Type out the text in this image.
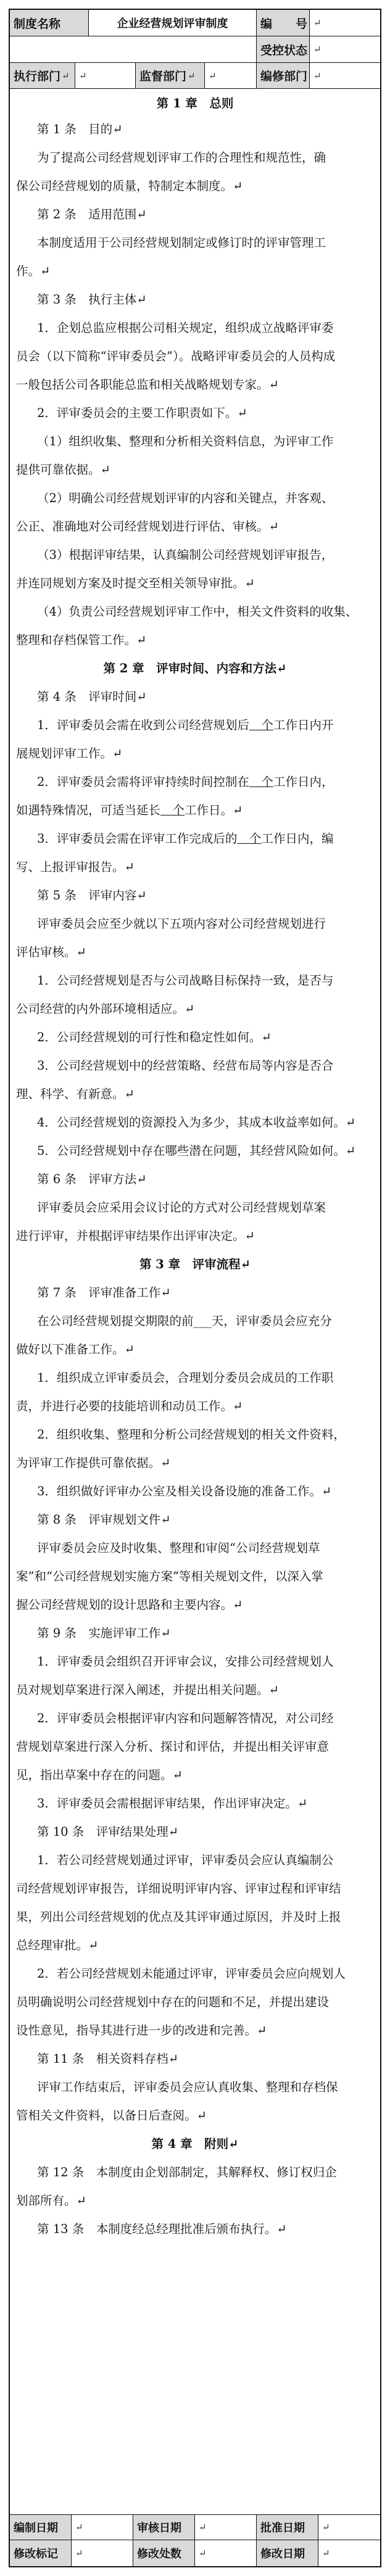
制度名称	企业经营规划评审制度	编　　号 ↵
受控状态 ↵
执行部门 ↵ ↵	监督部门 ↵ ↵	编修部门 ↵
第 1 章　总则
第 1 条　目的↵
为了提高公司经营规划评审工作的合理性和规范性，确
保公司经营规划的质量，特制定本制度。↵
第 2 条　适用范围↵
本制度适用于公司经营规划制定或修订时的评审管理工
作。↵
第 3 条　执行主体↵
1．企划总监应根据公司相关规定，组织成立战略评审委
员会（以下简称“评审委员会”）。战略评审委员会的人员构成
一般包括公司各职能总监和相关战略规划专家。↵
2．评审委员会的主要工作职责如下。↵
（1）组织收集、整理和分析相关资料信息，为评审工作
提供可靠依据。↵
（2）明确公司经营规划评审的内容和关键点，并客观、
公正、准确地对公司经营规划进行评估、审核。↵
（3）根据评审结果，认真编制公司经营规划评审报告，
并连同规划方案及时提交至相关领导审批。↵
（4）负责公司经营规划评审工作中，相关文件资料的收集、
整理和存档保管工作。↵
第 2 章　评审时间、内容和方法↵
第 4 条　评审时间↵
1．评审委员会需在收到公司经营规划后　个工作日内开
展规划评审工作。↵
2．评审委员会需将评审持续时间控制在　个工作日内，
如遇特殊情况，可适当延长　个工作日。↵
3．评审委员会需在评审工作完成后的　个工作日内，编
写、上报评审报告。↵
第 5 条　评审内容↵
评审委员会应至少就以下五项内容对公司经营规划进行
评估审核。↵
1．公司经营规划是否与公司战略目标保持一致，是否与
公司经营的内外部环境相适应。↵
2．公司经营规划的可行性和稳定性如何。↵
3．公司经营规划中的经营策略、经营布局等内容是否合
理、科学、有新意。↵
4．公司经营规划的资源投入为多少，其成本收益率如何。↵
5．公司经营规划中存在哪些潜在问题，其经营风险如何。↵
第 6 条　评审方法↵
评审委员会应采用会议讨论的方式对公司经营规划草案
进行评审，并根据评审结果作出评审决定。↵
第 3 章　评审流程↵
第 7 条　评审准备工作↵
在公司经营规划提交期限的前___天，评审委员会应充分
做好以下准备工作。↵
1．组织成立评审委员会，合理划分委员会成员的工作职
责，并进行必要的技能培训和动员工作。↵
2．组织收集、整理和分析公司经营规划的相关文件资料，
为评审工作提供可靠依据。↵
3．组织做好评审办公室及相关设备设施的准备工作。↵
第 8 条　评审规划文件↵
评审委员会应及时收集、整理和审阅“公司经营规划草
案”和“公司经营规划实施方案”等相关规划文件，以深入掌
握公司经营规划的设计思路和主要内容。↵
第 9 条　实施评审工作↵
1．评审委员会组织召开评审会议，安排公司经营规划人
员对规划草案进行深入阐述，并提出相关问题。↵
2．评审委员会根据评审内容和问题解答情况，对公司经
营规划草案进行深入分析、探讨和评估，并提出相关评审意
见，指出草案中存在的问题。↵
3．评审委员会需根据评审结果，作出评审决定。↵
第 10 条　评审结果处理↵
1．若公司经营规划通过评审，评审委员会应认真编制公
司经营规划评审报告，详细说明评审内容、评审过程和评审结
果，列出公司经营规划的优点及其评审通过原因，并及时上报
总经理审批。↵
2．若公司经营规划未能通过评审，评审委员会应向规划人
员明确说明公司经营规划中存在的问题和不足，并提出建设
设性意见，指导其进行进一步的改进和完善。↵
第 11 条　相关资料存档↵
评审工作结束后，评审委员会应认真收集、整理和存档保
管相关文件资料，以备日后查阅。↵
第 4 章　附则↵
第 12 条　本制度由企划部制定，其解释权、修订权归企
划部所有。↵
第 13 条　本制度经总经理批准后颁布执行。↵
编制日期 ↵	审核日期 ↵	批准日期 ↵
修改标记 ↵	修改处数 ↵	修改日期 ↵
